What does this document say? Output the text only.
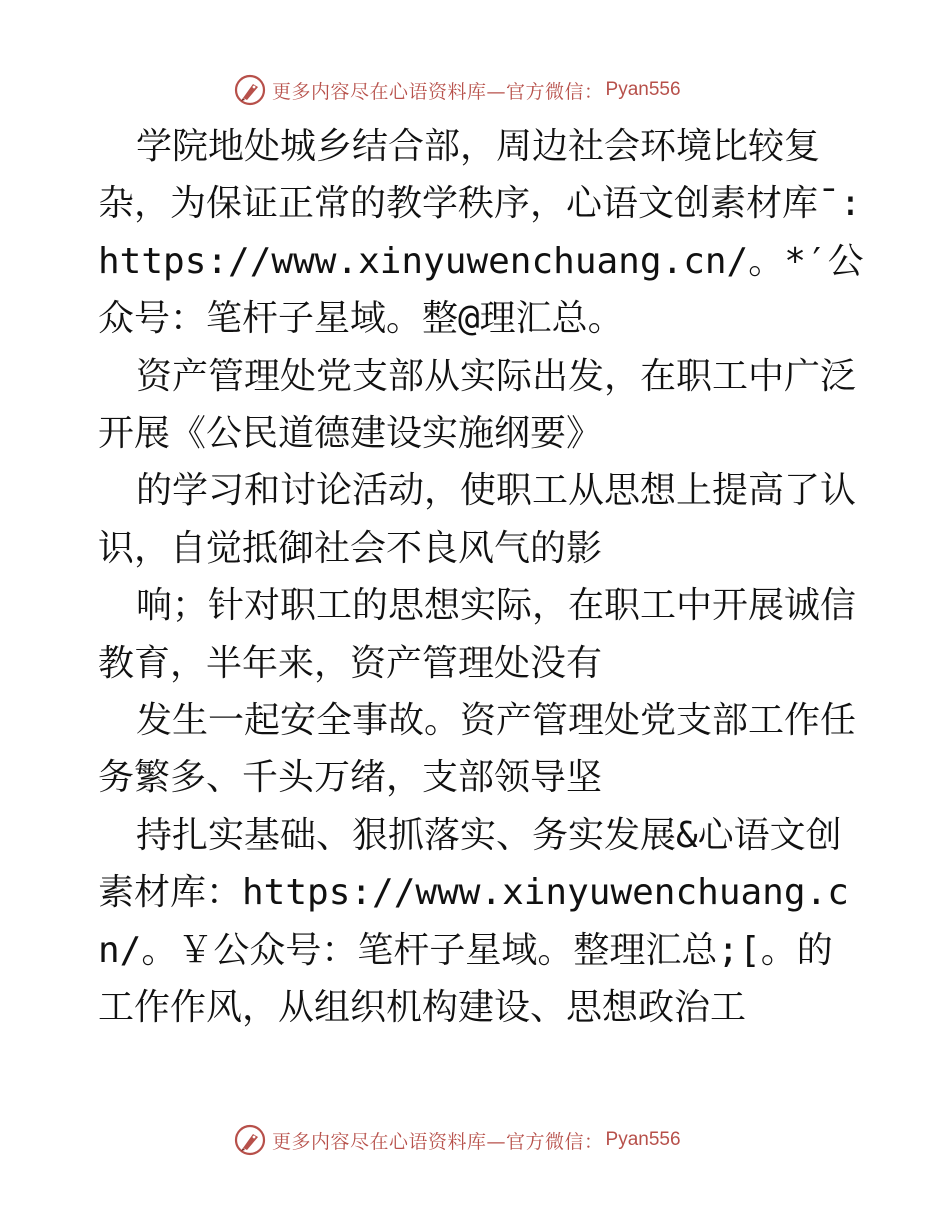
更多内容尽在心语资料库—官方微信： Pyan556

学院地处城乡结合部，周边社会环境比较复杂，为保证正常的教学秩序，心语文创素材库¯:https://www.xinyuwenchuang.cn/。*′公众号：笔杆子星域。整@理汇总。

资产管理处党支部从实际出发，在职工中广泛开展《公民道德建设实施纲要》

的学习和讨论活动，使职工从思想上提高了认识，自觉抵御社会不良风气的影

响；针对职工的思想实际，在职工中开展诚信教育，半年来，资产管理处没有

发生一起安全事故。资产管理处党支部工作任务繁多、千头万绪，支部领导坚

持扎实基础、狠抓落实、务实发展&心语文创素材库：https://www.xinyuwenchuang.cn/。￥公众号：笔杆子星域。整理汇总;[。的工作作风，从组织机构建设、思想政治工

更多内容尽在心语资料库—官方微信： Pyan556
